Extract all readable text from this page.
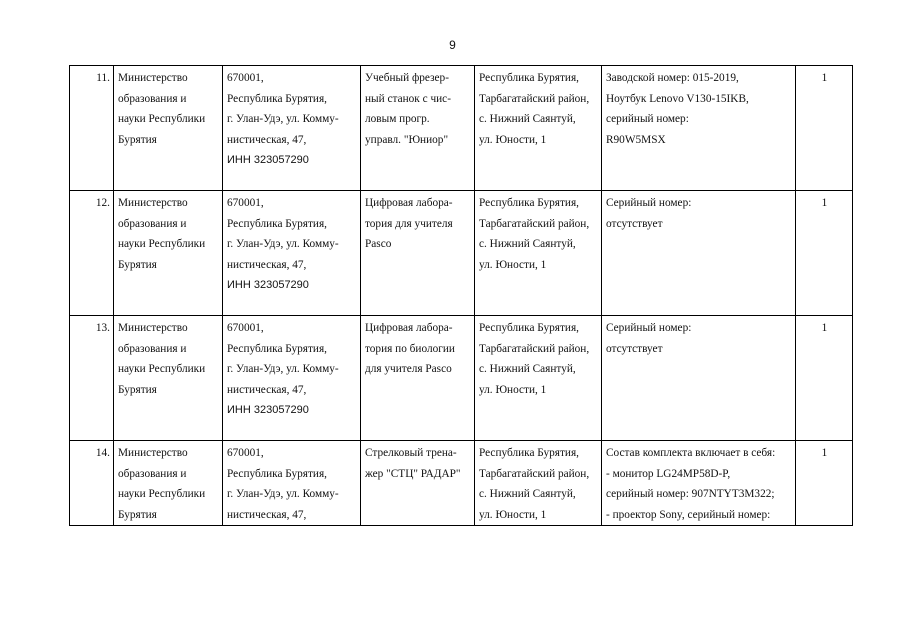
9
11.	Министерство
образования и
науки Республики
Бурятия	670001,
Республика Бурятия,
г. Улан-Удэ, ул. Комму-
нистическая, 47,
ИНН 323057290	Учебный фрезер-
ный станок с чис-
ловым прогр.
управл. "Юниор"	Республика Бурятия,
Тарбагатайский район,
с. Нижний Саянтуй,
ул. Юности, 1	Заводской номер: 015-2019,
Ноутбук Lenovo V130-15IKB,
серийный номер:
R90W5MSX	1
12.	Министерство
образования и
науки Республики
Бурятия	670001,
Республика Бурятия,
г. Улан-Удэ, ул. Комму-
нистическая, 47,
ИНН 323057290	Цифровая лабора-
тория для учителя
Pasco	Республика Бурятия,
Тарбагатайский район,
с. Нижний Саянтуй,
ул. Юности, 1	Серийный номер:
отсутствует	1
13.	Министерство
образования и
науки Республики
Бурятия	670001,
Республика Бурятия,
г. Улан-Удэ, ул. Комму-
нистическая, 47,
ИНН 323057290	Цифровая лабора-
тория по биологии
для учителя Pasco	Республика Бурятия,
Тарбагатайский район,
с. Нижний Саянтуй,
ул. Юности, 1	Серийный номер:
отсутствует	1
14.	Министерство
образования и
науки Республики
Бурятия	670001,
Республика Бурятия,
г. Улан-Удэ, ул. Комму-
нистическая, 47,	Стрелковый трена-
жер "СТЦ" РАДАР"	Республика Бурятия,
Тарбагатайский район,
с. Нижний Саянтуй,
ул. Юности, 1	Состав комплекта включает в себя:
- монитор LG24MP58D-P,
серийный номер: 907NTYT3M322;
- проектор Sony, серийный номер:	1
